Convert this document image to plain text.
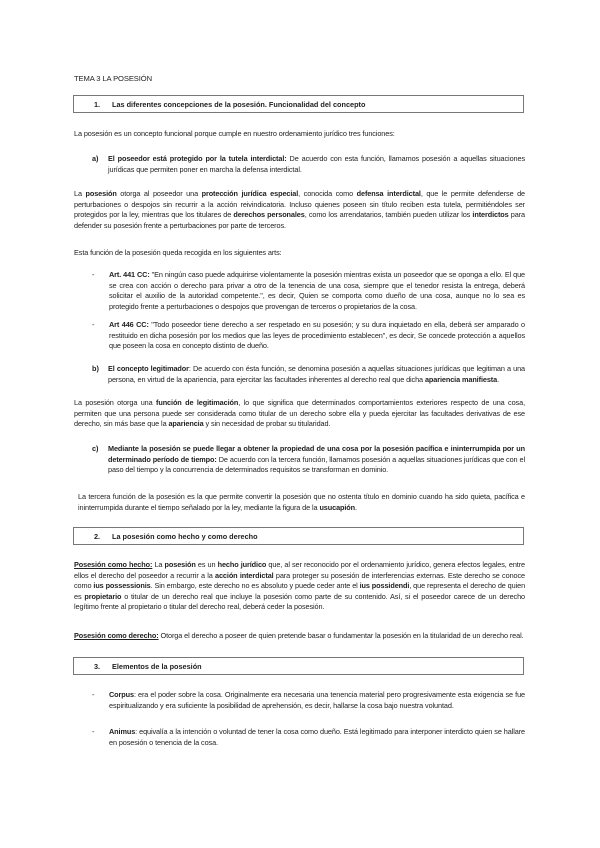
TEMA 3 LA POSESIÓN
1. Las diferentes concepciones de la posesión. Funcionalidad del concepto
La posesión es un concepto funcional porque cumple en nuestro ordenamiento jurídico tres funciones:
a) El poseedor está protegido por la tutela interdictal: De acuerdo con esta función, llamamos posesión a aquellas situaciones jurídicas que permiten poner en marcha la defensa interdictal.
La posesión otorga al poseedor una protección jurídica especial, conocida como defensa interdictal, que le permite defenderse de perturbaciones o despojos sin recurrir a la acción reivindicatoria. Incluso quienes poseen sin título reciben esta tutela, permitiéndoles ser protegidos por la ley, mientras que los titulares de derechos personales, como los arrendatarios, también pueden utilizar los interdictos para defender su posesión frente a perturbaciones por parte de terceros.
Esta función de la posesión queda recogida en los siguientes arts:
- Art. 441 CC: "En ningún caso puede adquirirse violentamente la posesión mientras exista un poseedor que se oponga a ello. El que se crea con acción o derecho para privar a otro de la tenencia de una cosa, siempre que el tenedor resista la entrega, deberá solicitar el auxilio de la autoridad competente.", es decir, Quien se comporta como dueño de una cosa, aunque no lo sea es protegido frente a perturbaciones o despojos que provengan de terceros o propietarios de la cosa.
- Art 446 CC: "Todo poseedor tiene derecho a ser respetado en su posesión; y su dura inquietado en ella, deberá ser amparado o restituido en dicha posesión por los medios que las leyes de procedimiento establecen", es decir, Se concede protección a aquellos que poseen la cosa en concepto distinto de dueño.
b) El concepto legitimador: De acuerdo con ésta función, se denomina posesión a aquellas situaciones jurídicas que legitiman a una persona, en virtud de la apariencia, para ejercitar las facultades inherentes al derecho real que dicha apariencia manifiesta.
La posesión otorga una función de legitimación, lo que significa que determinados comportamientos exteriores respecto de una cosa, permiten que una persona puede ser considerada como titular de un derecho sobre ella y pueda ejercitar las facultades derivativas de ese derecho, sin más base que la apariencia y sin necesidad de probar su titularidad.
c) Mediante la posesión se puede llegar a obtener la propiedad de una cosa por la posesión pacífica e ininterrumpida por un determinado período de tiempo: De acuerdo con la tercera función, llamamos posesión a aquellas situaciones jurídicas que con el paso del tiempo y la concurrencia de determinados requisitos se transforman en dominio.
La tercera función de la posesión es la que permite convertir la posesión que no ostenta título en dominio cuando ha sido quieta, pacífica e ininterrumpida durante el tiempo señalado por la ley, mediante la figura de la usucapión.
2. La posesión como hecho y como derecho
Posesión como hecho: La posesión es un hecho jurídico que, al ser reconocido por el ordenamiento jurídico, genera efectos legales, entre ellos el derecho del poseedor a recurrir a la acción interdictal para proteger su posesión de interferencias externas. Este derecho se conoce como ius possessionis. Sin embargo, este derecho no es absoluto y puede ceder ante el ius possidendi, que representa el derecho de quien es propietario o titular de un derecho real que incluye la posesión como parte de su contenido. Así, si el poseedor carece de un derecho legítimo frente al propietario o titular del derecho real, deberá ceder la posesión.
Posesión como derecho: Otorga el derecho a poseer de quien pretende basar o fundamentar la posesión en la titularidad de un derecho real.
3. Elementos de la posesión
- Corpus: era el poder sobre la cosa. Originalmente era necesaria una tenencia material pero progresivamente esta exigencia se fue espiritualizando y era suficiente la posibilidad de aprehensión, es decir, hallarse la cosa bajo nuestra voluntad.
- Animus: equivalía a la intención o voluntad de tener la cosa como dueño. Está legitimado para interponer interdicto quien se hallare en posesión o tenencia de la cosa.
